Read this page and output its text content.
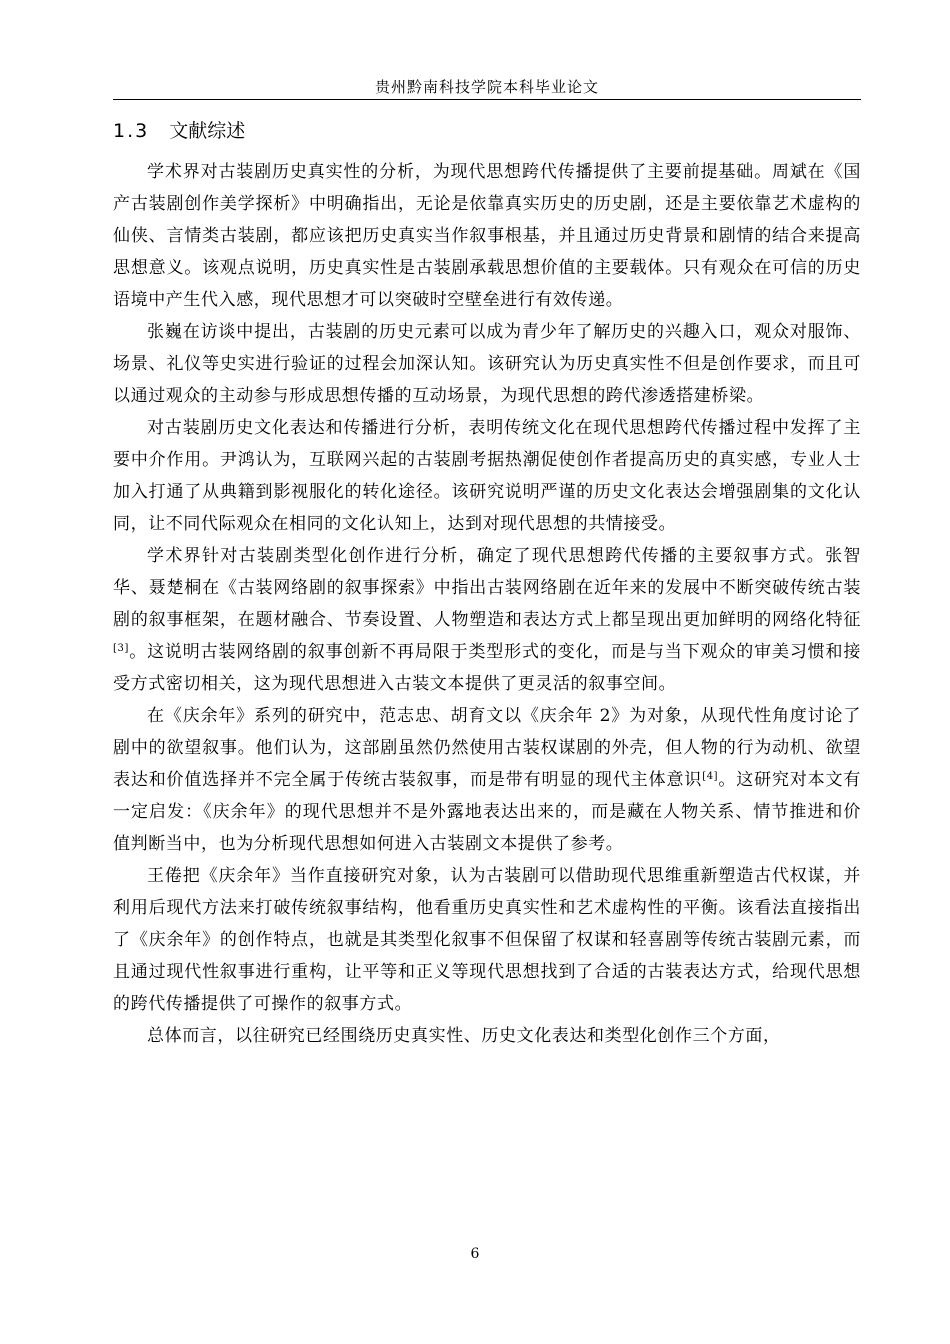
贵州黔南科技学院本科毕业论文
1.3 文献综述

学术界对古装剧历史真实性的分析，为现代思想跨代传播提供了主要前提基础。周斌在《国产古装剧创作美学探析》中明确指出，无论是依靠真实历史的历史剧，还是主要依靠艺术虚构的仙侠、言情类古装剧，都应该把历史真实当作叙事根基，并且通过历史背景和剧情的结合来提高思想意义。该观点说明，历史真实性是古装剧承载思想价值的主要载体。只有观众在可信的历史语境中产生代入感，现代思想才可以突破时空壁垒进行有效传递。

张巍在访谈中提出，古装剧的历史元素可以成为青少年了解历史的兴趣入口，观众对服饰、场景、礼仪等史实进行验证的过程会加深认知。该研究认为历史真实性不但是创作要求，而且可以通过观众的主动参与形成思想传播的互动场景，为现代思想的跨代渗透搭建桥梁。

对古装剧历史文化表达和传播进行分析，表明传统文化在现代思想跨代传播过程中发挥了主要中介作用。尹鸿认为，互联网兴起的古装剧考据热潮促使创作者提高历史的真实感，专业人士加入打通了从典籍到影视服化的转化途径。该研究说明严谨的历史文化表达会增强剧集的文化认同，让不同代际观众在相同的文化认知上，达到对现代思想的共情接受。

学术界针对古装剧类型化创作进行分析，确定了现代思想跨代传播的主要叙事方式。张智华、聂楚桐在《古装网络剧的叙事探索》中指出古装网络剧在近年来的发展中不断突破传统古装剧的叙事框架，在题材融合、节奏设置、人物塑造和表达方式上都呈现出更加鲜明的网络化特征[3]。这说明古装网络剧的叙事创新不再局限于类型形式的变化，而是与当下观众的审美习惯和接受方式密切相关，这为现代思想进入古装文本提供了更灵活的叙事空间。

在《庆余年》系列的研究中，范志忠、胡育文以《庆余年 2》为对象，从现代性角度讨论了剧中的欲望叙事。他们认为，这部剧虽然仍然使用古装权谋剧的外壳，但人物的行为动机、欲望表达和价值选择并不完全属于传统古装叙事，而是带有明显的现代主体意识[4]。这研究对本文有一定启发：《庆余年》的现代思想并不是外露地表达出来的，而是藏在人物关系、情节推进和价值判断当中，也为分析现代思想如何进入古装剧文本提供了参考。

王倦把《庆余年》当作直接研究对象，认为古装剧可以借助现代思维重新塑造古代权谋，并利用后现代方法来打破传统叙事结构，他看重历史真实性和艺术虚构性的平衡。该看法直接指出了《庆余年》的创作特点，也就是其类型化叙事不但保留了权谋和轻喜剧等传统古装剧元素，而且通过现代性叙事进行重构，让平等和正义等现代思想找到了合适的古装表达方式，给现代思想的跨代传播提供了可操作的叙事方式。

总体而言，以往研究已经围绕历史真实性、历史文化表达和类型化创作三个方面，

6
